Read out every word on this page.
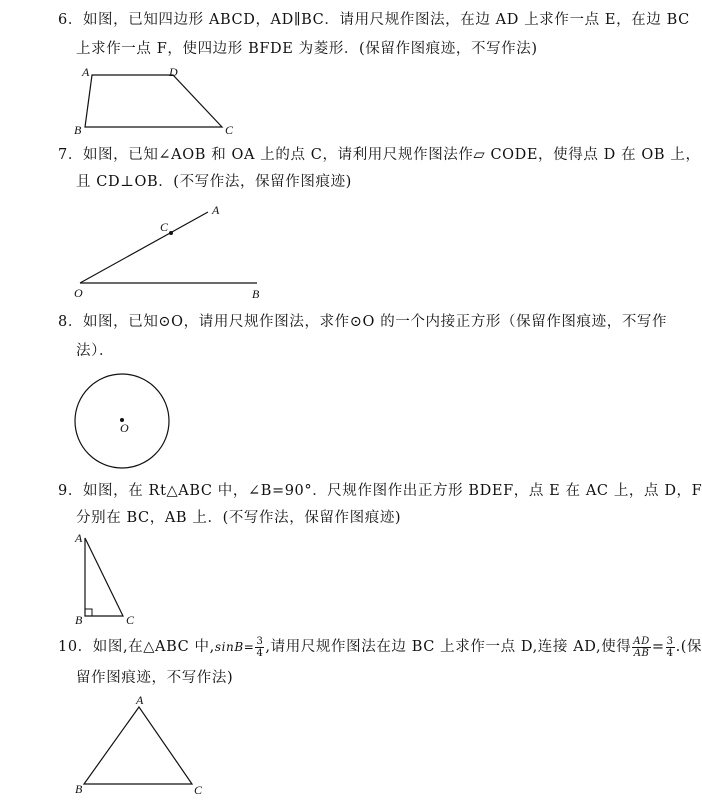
6．如图，已知四边形 ABCD，AD∥BC．请用尺规作图法，在边 AD 上求作一点 E，在边 BC
上求作一点 F，使四边形 BFDE 为菱形．(保留作图痕迹，不写作法)
A	D
B	C
7．如图，已知∠AOB 和 OA 上的点 C，请利用尺规作图法作▱ CODE，使得点 D 在 OB 上，
且 CD⊥OB．(不写作法，保留作图痕迹)
A
C
O	B
8．如图，已知⊙O，请用尺规作图法，求作⊙O 的一个内接正方形（保留作图痕迹，不写作
法）．
O
9．如图，在 Rt△ABC 中，∠B=90°．尺规作图作出正方形 BDEF，点 E 在 AC 上，点 D，F
分别在 BC，AB 上．(不写作法，保留作图痕迹)
A
B	C
10．如图,在△ABC 中$,\sin B= \frac{3}{4}$ ,请用尺规作图法在边 BC 上求作一点 D,连接 AD,使得 $\frac{AD}{AB} = \frac{3}{4}$ .(保
留作图痕迹，不写作法)
A
B	C
